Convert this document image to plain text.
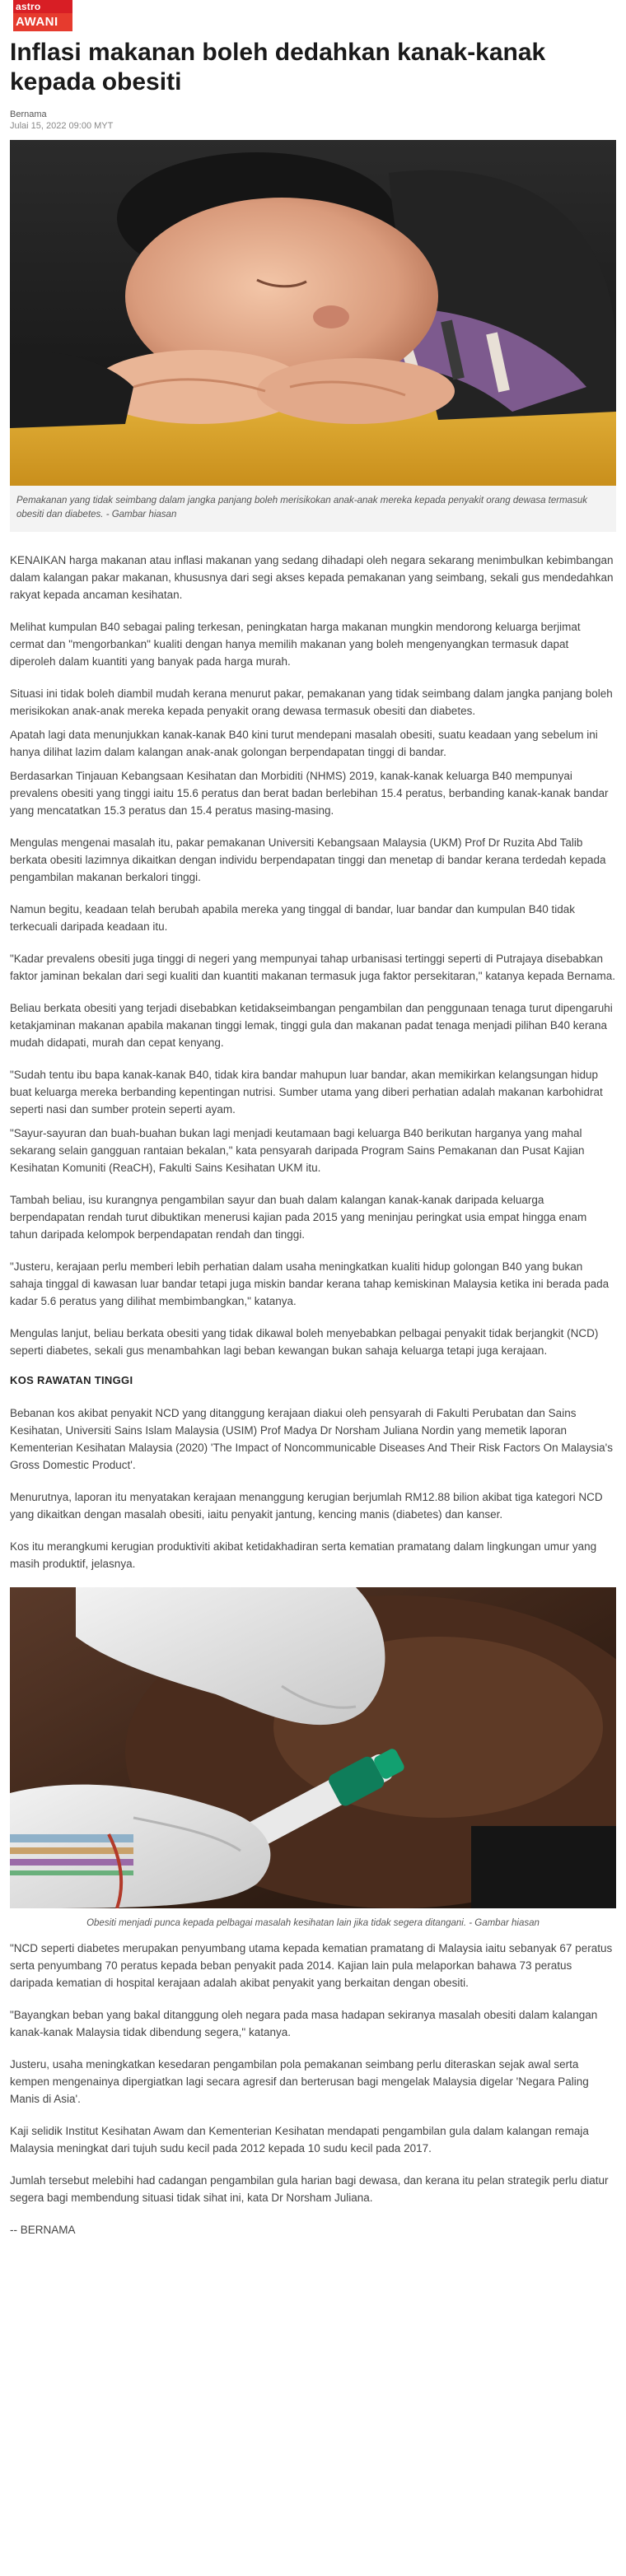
astro
AWANI
Inflasi makanan boleh dedahkan kanak-kanak kepada obesiti
Bernama
Julai 15, 2022 09:00 MYT
Pemakanan yang tidak seimbang dalam jangka panjang boleh merisikokan anak-anak mereka kepada penyakit orang dewasa termasuk obesiti dan diabetes. - Gambar hiasan

KENAIKAN harga makanan atau inflasi makanan yang sedang dihadapi oleh negara sekarang menimbulkan kebimbangan dalam kalangan pakar makanan, khususnya dari segi akses kepada pemakanan yang seimbang, sekali gus mendedahkan rakyat kepada ancaman kesihatan.

Melihat kumpulan B40 sebagai paling terkesan, peningkatan harga makanan mungkin mendorong keluarga berjimat cermat dan "mengorbankan" kualiti dengan hanya memilih makanan yang boleh mengenyangkan termasuk dapat diperoleh dalam kuantiti yang banyak pada harga murah.

Situasi ini tidak boleh diambil mudah kerana menurut pakar, pemakanan yang tidak seimbang dalam jangka panjang boleh merisikokan anak-anak mereka kepada penyakit orang dewasa termasuk obesiti dan diabetes.

Apatah lagi data menunjukkan kanak-kanak B40 kini turut mendepani masalah obesiti, suatu keadaan yang sebelum ini hanya dilihat lazim dalam kalangan anak-anak golongan berpendapatan tinggi di bandar.

Berdasarkan Tinjauan Kebangsaan Kesihatan dan Morbiditi (NHMS) 2019, kanak-kanak keluarga B40 mempunyai prevalens obesiti yang tinggi iaitu 15.6 peratus dan berat badan berlebihan 15.4 peratus, berbanding kanak-kanak bandar yang mencatatkan 15.3 peratus dan 15.4 peratus masing-masing.

Mengulas mengenai masalah itu, pakar pemakanan Universiti Kebangsaan Malaysia (UKM) Prof Dr Ruzita Abd Talib berkata obesiti lazimnya dikaitkan dengan individu berpendapatan tinggi dan menetap di bandar kerana terdedah kepada pengambilan makanan berkalori tinggi.

Namun begitu, keadaan telah berubah apabila mereka yang tinggal di bandar, luar bandar dan kumpulan B40 tidak terkecuali daripada keadaan itu.

"Kadar prevalens obesiti juga tinggi di negeri yang mempunyai tahap urbanisasi tertinggi seperti di Putrajaya disebabkan faktor jaminan bekalan dari segi kualiti dan kuantiti makanan termasuk juga faktor persekitaran," katanya kepada Bernama.

Beliau berkata obesiti yang terjadi disebabkan ketidakseimbangan pengambilan dan penggunaan tenaga turut dipengaruhi ketakjaminan makanan apabila makanan tinggi lemak, tinggi gula dan makanan padat tenaga menjadi pilihan B40 kerana mudah didapati, murah dan cepat kenyang.

"Sudah tentu ibu bapa kanak-kanak B40, tidak kira bandar mahupun luar bandar, akan memikirkan kelangsungan hidup buat keluarga mereka berbanding kepentingan nutrisi. Sumber utama yang diberi perhatian adalah makanan karbohidrat seperti nasi dan sumber protein seperti ayam.

"Sayur-sayuran dan buah-buahan bukan lagi menjadi keutamaan bagi keluarga B40 berikutan harganya yang mahal sekarang selain gangguan rantaian bekalan," kata pensyarah daripada Program Sains Pemakanan dan Pusat Kajian Kesihatan Komuniti (ReaCH), Fakulti Sains Kesihatan UKM itu.

Tambah beliau, isu kurangnya pengambilan sayur dan buah dalam kalangan kanak-kanak daripada keluarga berpendapatan rendah turut dibuktikan menerusi kajian pada 2015 yang meninjau peringkat usia empat hingga enam tahun daripada kelompok berpendapatan rendah dan tinggi.

"Justeru, kerajaan perlu memberi lebih perhatian dalam usaha meningkatkan kualiti hidup golongan B40 yang bukan sahaja tinggal di kawasan luar bandar tetapi juga miskin bandar kerana tahap kemiskinan Malaysia ketika ini berada pada kadar 5.6 peratus yang dilihat membimbangkan," katanya.

Mengulas lanjut, beliau berkata obesiti yang tidak dikawal boleh menyebabkan pelbagai penyakit tidak berjangkit (NCD) seperti diabetes, sekali gus menambahkan lagi beban kewangan bukan sahaja keluarga tetapi juga kerajaan.

KOS RAWATAN TINGGI

Bebanan kos akibat penyakit NCD yang ditanggung kerajaan diakui oleh pensyarah di Fakulti Perubatan dan Sains Kesihatan, Universiti Sains Islam Malaysia (USIM) Prof Madya Dr Norsham Juliana Nordin yang memetik laporan Kementerian Kesihatan Malaysia (2020) 'The Impact of Noncommunicable Diseases And Their Risk Factors On Malaysia's Gross Domestic Product'.

Menurutnya, laporan itu menyatakan kerajaan menanggung kerugian berjumlah RM12.88 bilion akibat tiga kategori NCD yang dikaitkan dengan masalah obesiti, iaitu penyakit jantung, kencing manis (diabetes) dan kanser.

Kos itu merangkumi kerugian produktiviti akibat ketidakhadiran serta kematian pramatang dalam lingkungan umur yang masih produktif, jelasnya.

Obesiti menjadi punca kepada pelbagai masalah kesihatan lain jika tidak segera ditangani. - Gambar hiasan

"NCD seperti diabetes merupakan penyumbang utama kepada kematian pramatang di Malaysia iaitu sebanyak 67 peratus serta penyumbang 70 peratus kepada beban penyakit pada 2014. Kajian lain pula melaporkan bahawa 73 peratus daripada kematian di hospital kerajaan adalah akibat penyakit yang berkaitan dengan obesiti.

"Bayangkan beban yang bakal ditanggung oleh negara pada masa hadapan sekiranya masalah obesiti dalam kalangan kanak-kanak Malaysia tidak dibendung segera," katanya.

Justeru, usaha meningkatkan kesedaran pengambilan pola pemakanan seimbang perlu diteraskan sejak awal serta kempen mengenainya dipergiatkan lagi secara agresif dan berterusan bagi mengelak Malaysia digelar 'Negara Paling Manis di Asia'.

Kaji selidik Institut Kesihatan Awam dan Kementerian Kesihatan mendapati pengambilan gula dalam kalangan remaja Malaysia meningkat dari tujuh sudu kecil pada 2012 kepada 10 sudu kecil pada 2017.

Jumlah tersebut melebihi had cadangan pengambilan gula harian bagi dewasa, dan kerana itu pelan strategik perlu diatur segera bagi membendung situasi tidak sihat ini, kata Dr Norsham Juliana.

-- BERNAMA
